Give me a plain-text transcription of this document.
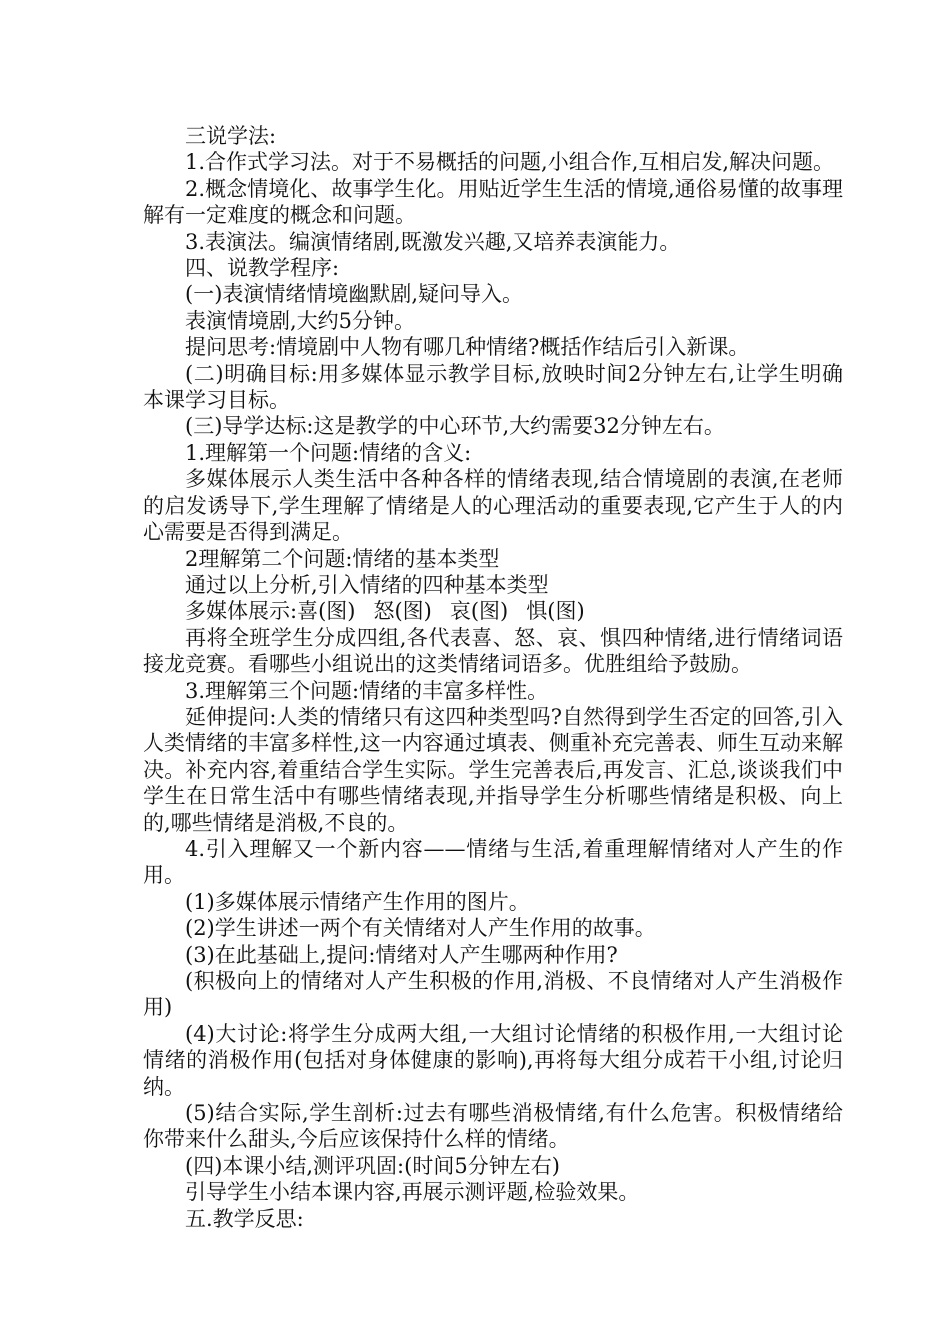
三说学法:

1.合作式学习法。对于不易概括的问题,小组合作,互相启发,解决问题。

2.概念情境化、故事学生化。用贴近学生生活的情境,通俗易懂的故事理解有一定难度的概念和问题。

3.表演法。编演情绪剧,既激发兴趣,又培养表演能力。

四、说教学程序:

(一)表演情绪情境幽默剧,疑问导入。

表演情境剧,大约5分钟。

提问思考:情境剧中人物有哪几种情绪?概括作结后引入新课。

(二)明确目标:用多媒体显示教学目标,放映时间2分钟左右,让学生明确本课学习目标。

(三)导学达标:这是教学的中心环节,大约需要32分钟左右。

1.理解第一个问题:情绪的含义:

多媒体展示人类生活中各种各样的情绪表现,结合情境剧的表演,在老师的启发诱导下,学生理解了情绪是人的心理活动的重要表现,它产生于人的内心需要是否得到满足。

2理解第二个问题:情绪的基本类型

通过以上分析,引入情绪的四种基本类型

多媒体展示:喜(图) 怒(图) 哀(图) 惧(图)

再将全班学生分成四组,各代表喜、怒、哀、惧四种情绪,进行情绪词语接龙竞赛。看哪些小组说出的这类情绪词语多。优胜组给予鼓励。

3.理解第三个问题:情绪的丰富多样性。

延伸提问:人类的情绪只有这四种类型吗?自然得到学生否定的回答,引入人类情绪的丰富多样性,这一内容通过填表、侧重补充完善表、师生互动来解决。补充内容,着重结合学生实际。学生完善表后,再发言、汇总,谈谈我们中学生在日常生活中有哪些情绪表现,并指导学生分析哪些情绪是积极、向上的,哪些情绪是消极,不良的。

4.引入理解又一个新内容——情绪与生活,着重理解情绪对人产生的作用。

(1)多媒体展示情绪产生作用的图片。

(2)学生讲述一两个有关情绪对人产生作用的故事。

(3)在此基础上,提问:情绪对人产生哪两种作用?

(积极向上的情绪对人产生积极的作用,消极、不良情绪对人产生消极作用)

(4)大讨论:将学生分成两大组,一大组讨论情绪的积极作用,一大组讨论情绪的消极作用(包括对身体健康的影响),再将每大组分成若干小组,讨论归纳。

(5)结合实际,学生剖析:过去有哪些消极情绪,有什么危害。积极情绪给你带来什么甜头,今后应该保持什么样的情绪。

(四)本课小结,测评巩固:(时间5分钟左右)

引导学生小结本课内容,再展示测评题,检验效果。

五.教学反思:
